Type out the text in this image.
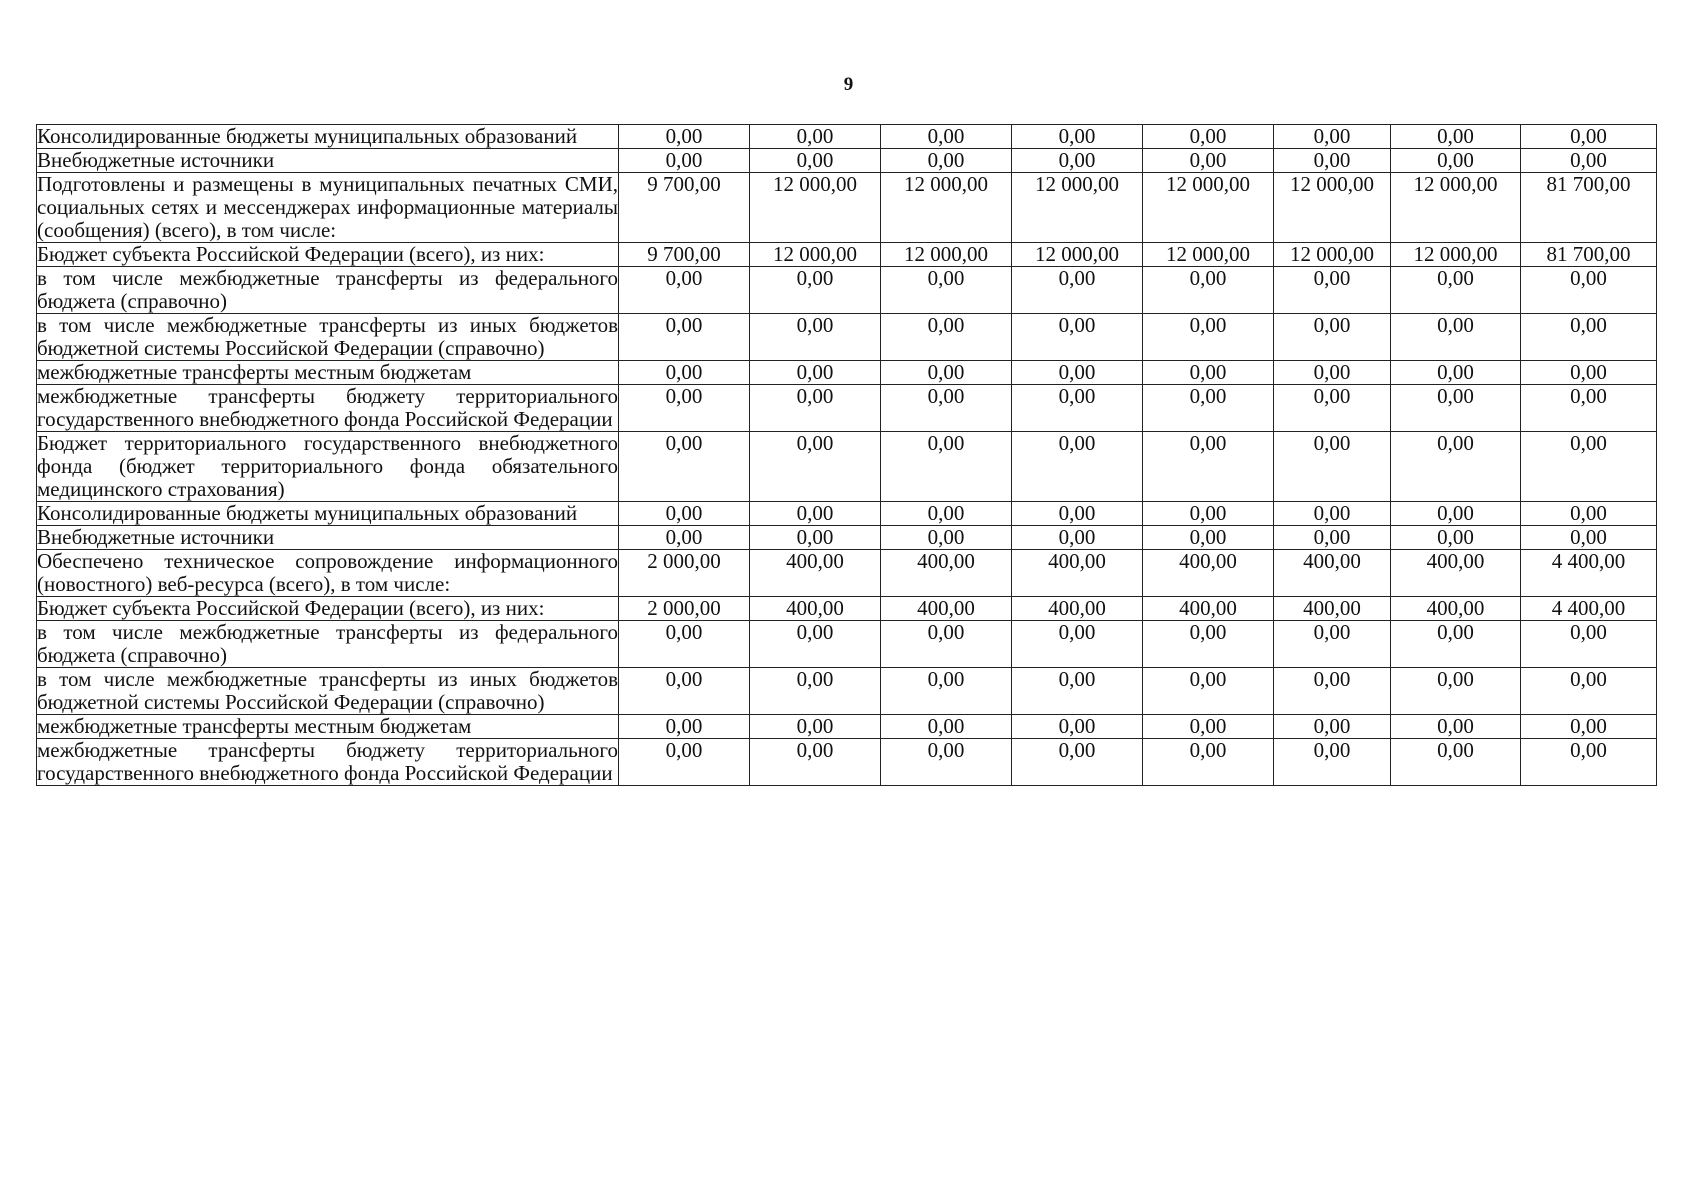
9
Консолидированные бюджеты муниципальных образований	0,00	0,00	0,00	0,00	0,00	0,00	0,00	0,00
Внебюджетные источники	0,00	0,00	0,00	0,00	0,00	0,00	0,00	0,00
Подготовлены и размещены в муниципальных печатных СМИ, социальных сетях и мессенджерах информационные материалы (сообщения) (всего), в том числе:	9 700,00	12 000,00	12 000,00	12 000,00	12 000,00	12 000,00	12 000,00	81 700,00
Бюджет субъекта Российской Федерации (всего), из них:	9 700,00	12 000,00	12 000,00	12 000,00	12 000,00	12 000,00	12 000,00	81 700,00
в том числе межбюджетные трансферты из федерального бюджета (справочно)	0,00	0,00	0,00	0,00	0,00	0,00	0,00	0,00
в том числе межбюджетные трансферты из иных бюджетов бюджетной системы Российской Федерации (справочно)	0,00	0,00	0,00	0,00	0,00	0,00	0,00	0,00
межбюджетные трансферты местным бюджетам	0,00	0,00	0,00	0,00	0,00	0,00	0,00	0,00
межбюджетные трансферты бюджету территориального государственного внебюджетного фонда Российской Федерации	0,00	0,00	0,00	0,00	0,00	0,00	0,00	0,00
Бюджет территориального государственного внебюджетного фонда (бюджет территориального фонда обязательного медицинского страхования)	0,00	0,00	0,00	0,00	0,00	0,00	0,00	0,00
Консолидированные бюджеты муниципальных образований	0,00	0,00	0,00	0,00	0,00	0,00	0,00	0,00
Внебюджетные источники	0,00	0,00	0,00	0,00	0,00	0,00	0,00	0,00
Обеспечено техническое сопровождение информационного (новостного) веб-ресурса (всего), в том числе:	2 000,00	400,00	400,00	400,00	400,00	400,00	400,00	4 400,00
Бюджет субъекта Российской Федерации (всего), из них:	2 000,00	400,00	400,00	400,00	400,00	400,00	400,00	4 400,00
в том числе межбюджетные трансферты из федерального бюджета (справочно)	0,00	0,00	0,00	0,00	0,00	0,00	0,00	0,00
в том числе межбюджетные трансферты из иных бюджетов бюджетной системы Российской Федерации (справочно)	0,00	0,00	0,00	0,00	0,00	0,00	0,00	0,00
межбюджетные трансферты местным бюджетам	0,00	0,00	0,00	0,00	0,00	0,00	0,00	0,00
межбюджетные трансферты бюджету территориального государственного внебюджетного фонда Российской Федерации	0,00	0,00	0,00	0,00	0,00	0,00	0,00	0,00
